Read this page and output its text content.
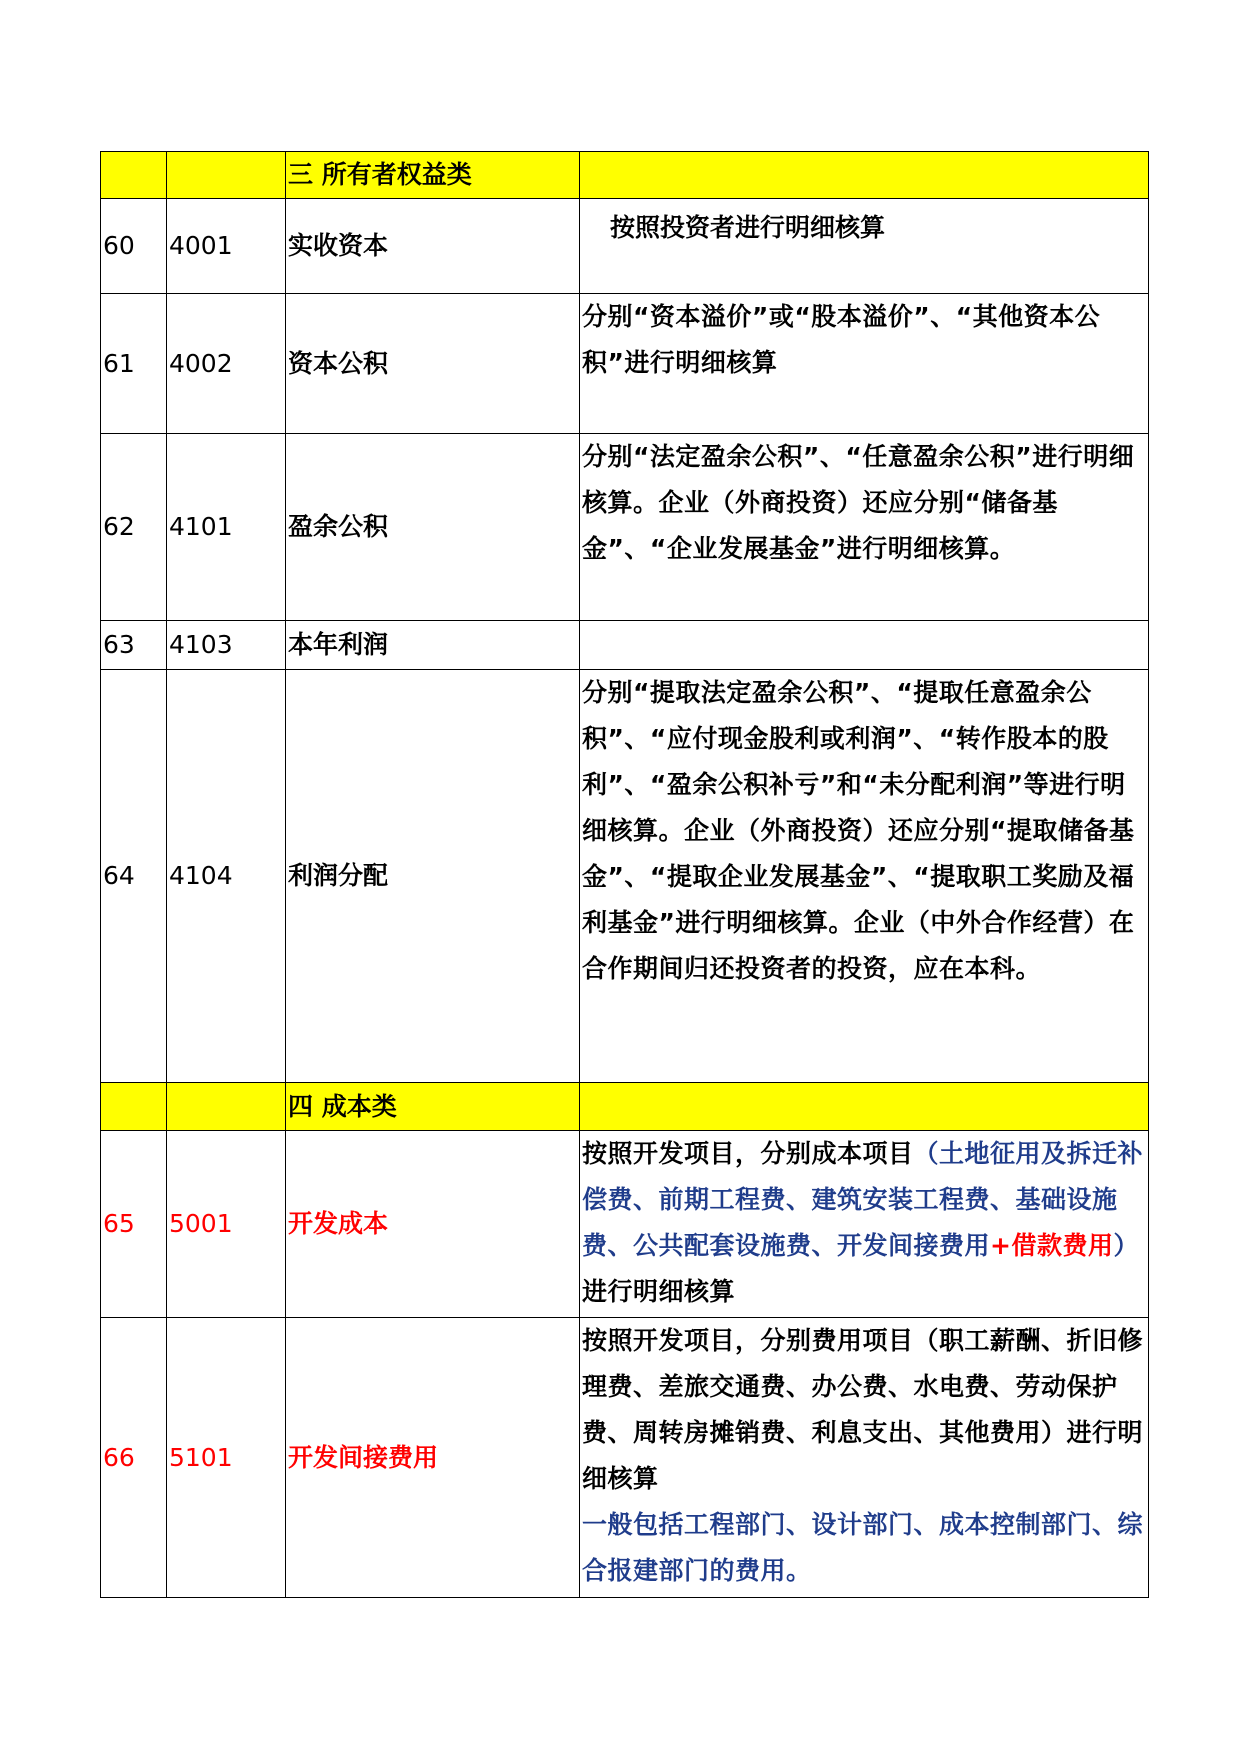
		三 所有者权益类	
60	4001	实收资本	按照投资者进行明细核算
61	4002	资本公积	分别“资本溢价”或“股本溢价”、“其他资本公积”进行明细核算
62	4101	盈余公积	分别“法定盈余公积”、“任意盈余公积”进行明细核算。企业（外商投资）还应分别“储备基金”、“企业发展基金”进行明细核算。
63	4103	本年利润	
64	4104	利润分配	分别“提取法定盈余公积”、“提取任意盈余公积”、“应付现金股利或利润”、“转作股本的股利”、“盈余公积补亏”和“未分配利润”等进行明细核算。企业（外商投资）还应分别“提取储备基金”、“提取企业发展基金”、“提取职工奖励及福利基金”进行明细核算。企业（中外合作经营）在合作期间归还投资者的投资，应在本科。
		四 成本类	
65	5001	开发成本	按照开发项目，分别成本项目（土地征用及拆迁补偿费、前期工程费、建筑安装工程费、基础设施费、公共配套设施费、开发间接费用+借款费用）进行明细核算
66	5101	开发间接费用	按照开发项目，分别费用项目（职工薪酬、折旧修理费、差旅交通费、办公费、水电费、劳动保护费、周转房摊销费、利息支出、其他费用）进行明细核算
一般包括工程部门、设计部门、成本控制部门、综合报建部门的费用。
